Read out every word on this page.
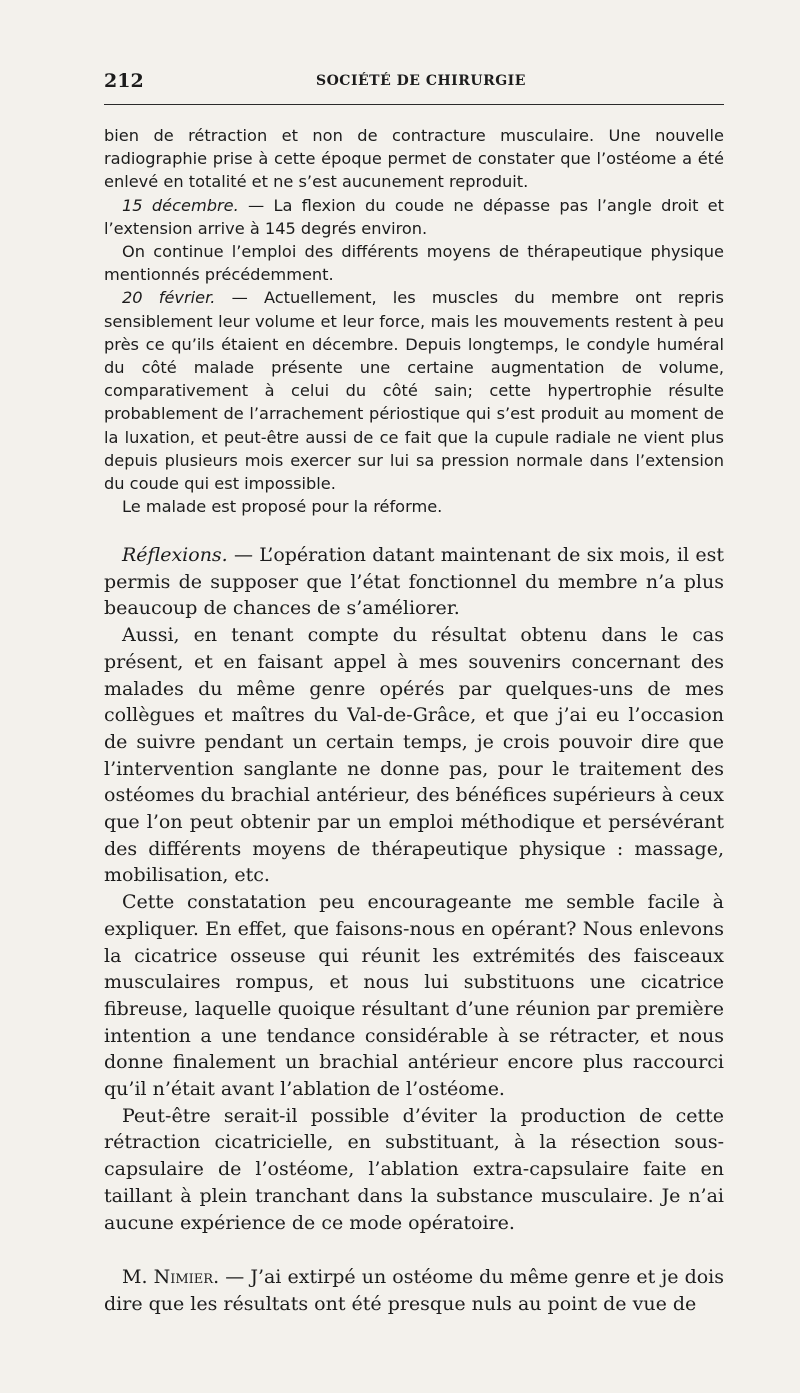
212	SOCIÉTÉ DE CHIRURGIE

bien de rétraction et non de contracture musculaire. Une nouvelle radiographie prise à cette époque permet de constater que l’ostéome a été enlevé en totalité et ne s’est aucunement reproduit.

15 décembre. — La flexion du coude ne dépasse pas l’angle droit et l’extension arrive à 145 degrés environ.

On continue l’emploi des différents moyens de thérapeutique physique mentionnés précédemment.

20 février. — Actuellement, les muscles du membre ont repris sensiblement leur volume et leur force, mais les mouvements restent à peu près ce qu’ils étaient en décembre. Depuis longtemps, le condyle huméral du côté malade présente une certaine augmentation de volume, comparativement à celui du côté sain; cette hypertrophie résulte probablement de l’arrachement périostique qui s’est produit au moment de la luxation, et peut-être aussi de ce fait que la cupule radiale ne vient plus depuis plusieurs mois exercer sur lui sa pression normale dans l’extension du coude qui est impossible.

Le malade est proposé pour la réforme.

Réflexions. — L’opération datant maintenant de six mois, il est permis de supposer que l’état fonctionnel du membre n’a plus beaucoup de chances de s’améliorer.

Aussi, en tenant compte du résultat obtenu dans le cas présent, et en faisant appel à mes souvenirs concernant des malades du même genre opérés par quelques-uns de mes collègues et maîtres du Val-de-Grâce, et que j’ai eu l’occasion de suivre pendant un certain temps, je crois pouvoir dire que l’intervention sanglante ne donne pas, pour le traitement des ostéomes du brachial antérieur, des bénéfices supérieurs à ceux que l’on peut obtenir par un emploi méthodique et persévérant des différents moyens de thérapeutique physique : massage, mobilisation, etc.

Cette constatation peu encourageante me semble facile à expliquer. En effet, que faisons-nous en opérant? Nous enlevons la cicatrice osseuse qui réunit les extrémités des faisceaux musculaires rompus, et nous lui substituons une cicatrice fibreuse, laquelle quoique résultant d’une réunion par première intention a une tendance considérable à se rétracter, et nous donne finalement un brachial antérieur encore plus raccourci qu’il n’était avant l’ablation de l’ostéome.

Peut-être serait-il possible d’éviter la production de cette rétraction cicatricielle, en substituant, à la résection sous-capsulaire de l’ostéome, l’ablation extra-capsulaire faite en taillant à plein tranchant dans la substance musculaire. Je n’ai aucune expérience de ce mode opératoire.

M. Nimier. — J’ai extirpé un ostéome du même genre et je dois dire que les résultats ont été presque nuls au point de vue de
